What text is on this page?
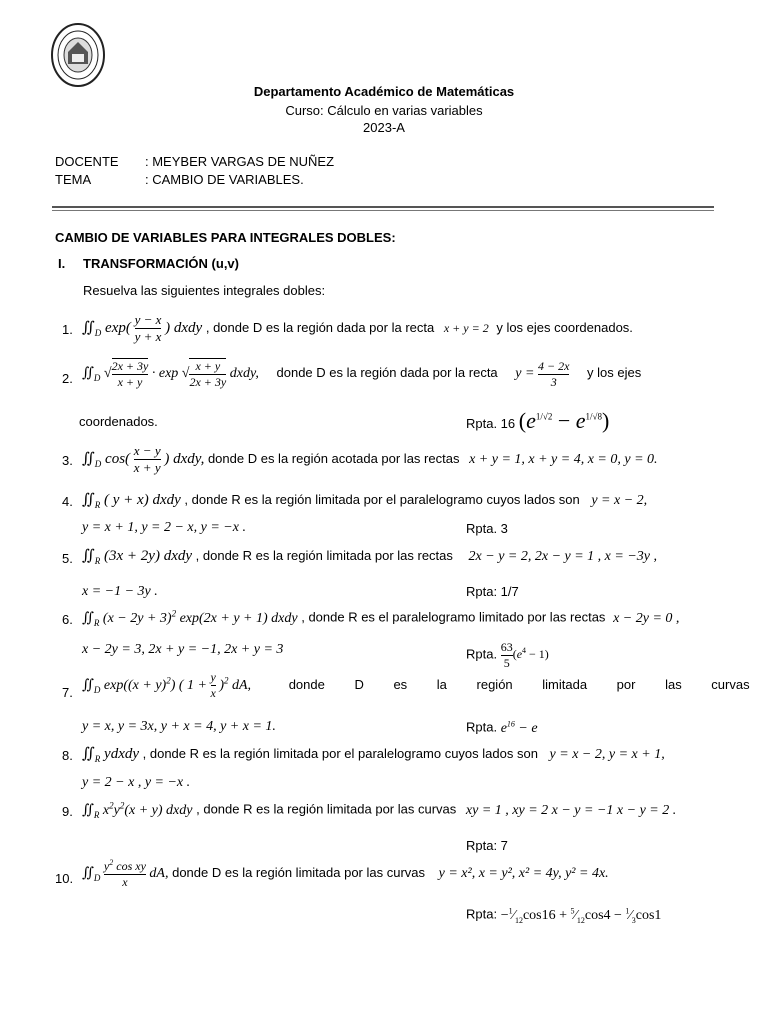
Departamento Académico de Matemáticas
Curso: Cálculo en varias variables
2023-A
DOCENTE : MEYBER VARGAS DE NUÑEZ
TEMA	: CAMBIO DE VARIABLES.
CAMBIO DE VARIABLES PARA INTEGRALES DOBLES:
I. TRANSFORMACIÓN (u,v)
Resuelva las siguientes integrales dobles:
1. $∬_D$ $\exp( \frac{y - x}{y + x}$ ) dxdy , donde D es la región dada por la recta x + y = 2 y los ejes coordenados.
2. $∬_D$ √ $\frac{2x + 3y}{x + y} \cdot \exp$ √ $\frac{x + y}{2x + 3y}$ dxdy, donde D es la región dada por la recta $y = \frac{4 - 2x}{3}$ y los ejes
coordenados.	Rpta. 16 $(e^{1/√2} - e^{1/√8})$
3. $∬_D$ $\cos( \frac{x - y}{x + y}$ ) dxdy, donde D es la región acotada por las rectas x + y = 1, x + y = 4, x = 0, y = 0.
4. $∬_R$ ( y + x) dxdy , donde R es la región limitada por el paralelogramo cuyos lados son y = x − 2,
y = x + 1, y = 2 − x, y = −x .	Rpta. 3
5. $∬_R$ (3x + 2y) dxdy , donde R es la región limitada por las rectas 2x − y = 2, 2x − y = 1 , x = −3y ,
x = −1 − 3y .	Rpta: 1/7
6. $∬_R$ $(x - 2y + 3)^2$ exp(2x + y + 1) dxdy , donde R es el paralelogramo limitado por las rectas x − 2y = 0 ,
x − 2y = 3, 2x + y = −1, 2x + y = 3	Rpta. $\frac{63}{5} (e^4 - 1)$
7. $∬_D$ $\exp((x + y)^2)$ ( $1 + \frac{y}{x} )^2$ dA,	donde D es la región limitada por las curvas
y = x, y = 3x, y + x = 4, y + x = 1.	Rpta. $e^{16} - e$
8. $∬_R$ ydxdy , donde R es la región limitada por el paralelogramo cuyos lados son y = x − 2, y = x + 1,
y = 2 − x , y = −x .
9. $∬_R$ $x^2y^2(x + y)$ dxdy , donde R es la región limitada por las curvas xy = 1 , xy = 2 x − y = −1 x − y = 2 .
Rpta: 7
10. $∬_D \frac{y^2 \cos xy}{x}$ dA, donde D es la región limitada por las curvas y = x², x = y², x² = 4y, y² = 4x.
Rpta: $-^1⁄_{12}\cos 16$ + $^5⁄_{12}\cos 4$ − $^1⁄_3\cos 1$
